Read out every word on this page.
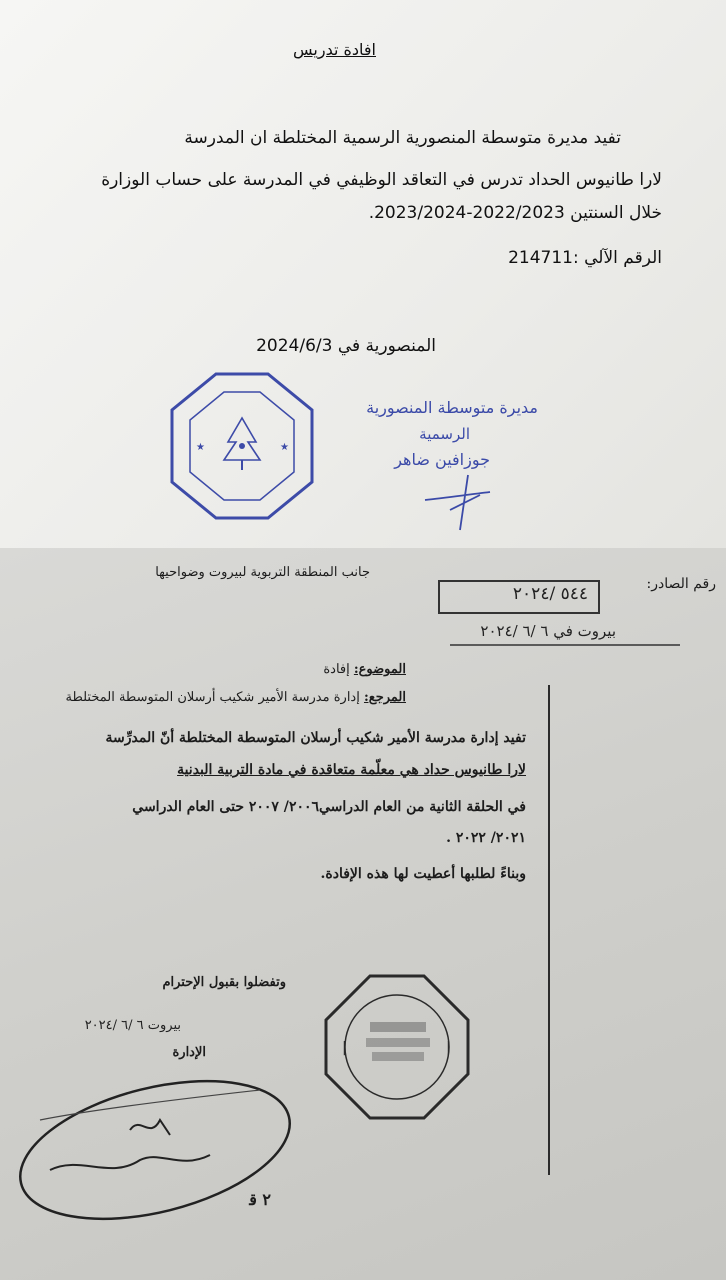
افادة تدريس
تفيد مديرة متوسطة المنصورية الرسمية المختلطة ان المدرسة
لارا طانيوس الحداد تدرس في التعاقد الوظيفي في المدرسة على حساب الوزارة
خلال السنتين 2022/2023-2023/2024.
الرقم الآلي :214711
المنصورية في 2024/6/3
مديرة متوسطة المنصورية
الرسمية
جوزافين ضاهر
★	★
جانب المنطقة التربوية لبيروت وضواحيها
رقم الصادر:
٥٤٤ /٢٠٢٤
بيروت في ٦ /٦ /٢٠٢٤
الموضوع: إفادة
المرجع: إدارة مدرسة الأمير شكيب أرسلان المتوسطة المختلطة
تفيد إدارة مدرسة الأمير شكيب أرسلان المتوسطة المختلطة أنّ المدرِّسة
لارا طانيوس حداد هي معلّمة متعاقدة في مادة التربية البدنية
في الحلقة الثانية من العام الدراسي٢٠٠٦/ ٢٠٠٧ حتى العام الدراسي
٢٠٢١/ ٢٠٢٢ .
وبناءً لطلبها أعطيت لها هذه الإفادة.
وتفضلوا بقبول الإحترام
بيروت ٦ /٦ /٢٠٢٤
الإدارة	|	|
٢ ﻗ
